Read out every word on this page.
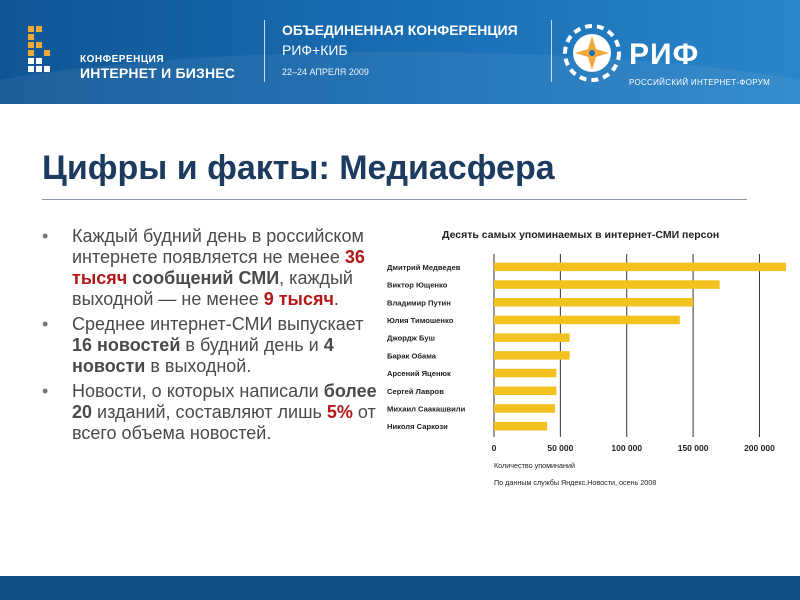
КОНФЕРЕНЦИЯ
ИНТЕРНЕТ И БИЗНЕС
ОБЪЕДИНЕННАЯ КОНФЕРЕНЦИЯ
РИФ+КИБ
22–24 АПРЕЛЯ 2009
РИФ
РОССИЙСКИЙ ИНТЕРНЕТ-ФОРУМ
Цифры и факты: Медиасфера
• Каждый будний день в российском интернете появляется не менее 36 тысяч сообщений СМИ, каждый выходной — не менее 9 тысяч.
• Среднее интернет-СМИ выпускает 16 новостей в будний день и 4 новости в выходной.
• Новости, о которых написали более 20 изданий, составляют лишь 5% от всего объема новостей.
Десять самых упоминаемых в интернет-СМИ персон
0	50 000	100 000	150 000	200 000
Дмитрий Медведев
Виктор Ющенко
Владимир Путин
Юлия Тимошенко
Джордж Буш
Барак Обама
Арсений Яценюк
Сергей Лавров
Михаил Саакашвили
Николя Саркози
Количество упоминаний
По данным службы Яндекс.Новости, осень 2008
